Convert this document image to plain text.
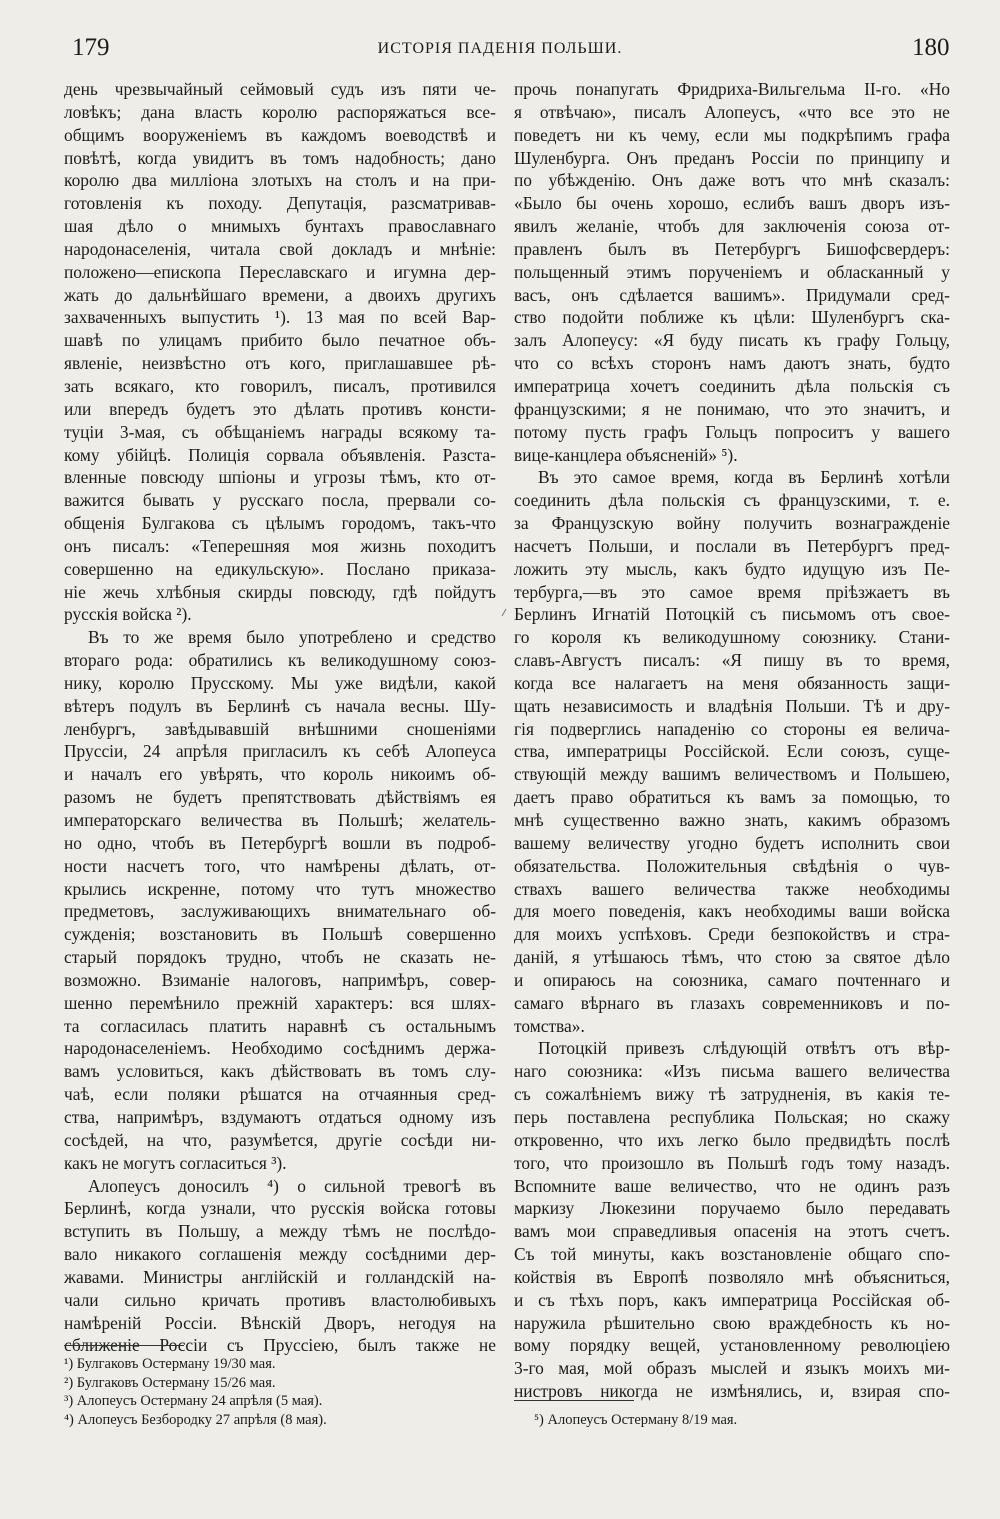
179	ИСТОРІЯ ПАДЕНІЯ ПОЛЬШИ.	180
день чрезвычайный сеймовый судъ изъ пяти че-
ловѣкъ; дана власть королю распоряжаться все-
общимъ вооруженіемъ въ каждомъ воеводствѣ и
повѣтѣ, когда увидитъ въ томъ надобность; дано
королю два милліона злотыхъ на столъ и на при-
готовленія къ походу. Депутація, разсматривав-
шая дѣло о мнимыхъ бунтахъ православнаго
народонаселенія, читала свой докладъ и мнѣніе:
положено—епископа Переславскаго и игумна дер-
жать до дальнѣйшаго времени, а двоихъ другихъ
захваченныхъ выпустить ¹). 13 мая по всей Вар-
шавѣ по улицамъ прибито было печатное объ-
явленіе, неизвѣстно отъ кого, приглашавшее рѣ-
зать всякаго, кто говорилъ, писалъ, противился
или впередъ будетъ это дѣлать противъ консти-
туціи 3-мая, съ обѣщаніемъ награды всякому та-
кому убійцѣ. Полиція сорвала объявленія. Разста-
вленные повсюду шпіоны и угрозы тѣмъ, кто от-
важится бывать у русскаго посла, прервали со-
общенія Булгакова съ цѣлымъ городомъ, такъ-что
онъ писалъ: «Теперешняя моя жизнь походитъ
совершенно на едикульскую». Послано приказа-
ніе жечь хлѣбныя скирды повсюду, гдѣ пойдутъ
русскія войска ²).
Въ то же время было употреблено и средство
втораго рода: обратились къ великодушному союз-
нику, королю Прусскому. Мы уже видѣли, какой
вѣтеръ подулъ въ Берлинѣ съ начала весны. Шу-
ленбургъ, завѣдывавшій внѣшними сношеніями
Пруссіи, 24 апрѣля пригласилъ къ себѣ Алопеуса
и началъ его увѣрять, что король никоимъ об-
разомъ не будетъ препятствовать дѣйствіямъ ея
императорскаго величества въ Польшѣ; желатель-
но одно, чтобъ въ Петербургѣ вошли въ подроб-
ности насчетъ того, что намѣрены дѣлать, от-
крылись искренне, потому что тутъ множество
предметовъ, заслуживающихъ внимательнаго об-
сужденія; возстановить въ Польшѣ совершенно
старый порядокъ трудно, чтобъ не сказать не-
возможно. Взиманіе налоговъ, напримѣръ, совер-
шенно перемѣнило прежній характеръ: вся шлях-
та согласилась платить наравнѣ съ остальнымъ
народонаселеніемъ. Необходимо сосѣднимъ держа-
вамъ условиться, какъ дѣйствовать въ томъ слу-
чаѣ, если поляки рѣшатся на отчаянныя сред-
ства, напримѣръ, вздумаютъ отдаться одному изъ
сосѣдей, на что, разумѣется, другіе сосѣди ни-
какъ не могутъ согласиться ³).
Алопеусъ доносилъ ⁴) о сильной тревогѣ въ
Берлинѣ, когда узнали, что русскія войска готовы
вступить въ Польшу, а между тѣмъ не послѣдо-
вало никакого соглашенія между сосѣдними дер-
жавами. Министры англійскій и голландскій на-
чали сильно кричать противъ властолюбивыхъ
намѣреній Россіи. Вѣнскій Дворъ, негодуя на
сближеніе Россіи съ Пруссіею, былъ также не
прочь понапугать Фридриха-Вильгельма II-го. «Но
я отвѣчаю», писалъ Алопеусъ, «что все это не
поведетъ ни къ чему, если мы подкрѣпимъ графа
Шуленбурга. Онъ преданъ Россіи по принципу и
по убѣжденію. Онъ даже вотъ что мнѣ сказалъ:
«Было бы очень хорошо, еслибъ вашъ дворъ изъ-
явилъ желаніе, чтобъ для заключенія союза от-
правленъ былъ въ Петербургъ Бишофсвердеръ:
польщенный этимъ порученіемъ и обласканный у
васъ, онъ сдѣлается вашимъ». Придумали сред-
ство подойти поближе къ цѣли: Шуленбургъ ска-
залъ Алопеусу: «Я буду писать къ графу Гольцу,
что со всѣхъ сторонъ намъ даютъ знать, будто
императрица хочетъ соединить дѣла польскія съ
французскими; я не понимаю, что это значитъ, и
потому пусть графъ Гольцъ попроситъ у вашего
вице-канцлера объясненій» ⁵).
Въ это самое время, когда въ Берлинѣ хотѣли
соединить дѣла польскія съ французскими, т. е.
за Французскую войну получить вознагражденіе
насчетъ Польши, и послали въ Петербургъ пред-
ложить эту мысль, какъ будто идущую изъ Пе-
тербурга,—въ это самое время пріѣзжаетъ въ
Берлинъ Игнатій Потоцкій съ письмомъ отъ свое-
го короля къ великодушному союзнику. Стани-
славъ-Августъ писалъ: «Я пишу въ то время,
когда все налагаетъ на меня обязанность защи-
щать независимость и владѣнія Польши. Тѣ и дру-
гія подверглись нападенію со стороны ея велича-
ства, императрицы Россійской. Если союзъ, суще-
ствующій между вашимъ величествомъ и Польшею,
даетъ право обратиться къ вамъ за помощью, то
мнѣ существенно важно знать, какимъ образомъ
вашему величеству угодно будетъ исполнить свои
обязательства. Положительныя свѣдѣнія о чув-
ствахъ вашего величества также необходимы
для моего поведенія, какъ необходимы ваши войска
для моихъ успѣховъ. Среди безпокойствъ и стра-
даній, я утѣшаюсь тѣмъ, что стою за святое дѣло
и опираюсь на союзника, самаго почтеннаго и
самаго вѣрнаго въ глазахъ современниковъ и по-
томства».
Потоцкій привезъ слѣдующій отвѣтъ отъ вѣр-
наго союзника: «Изъ письма вашего величества
съ сожалѣніемъ вижу тѣ затрудненія, въ какія те-
перь поставлена республика Польская; но скажу
откровенно, что ихъ легко было предвидѣть послѣ
того, что произошло въ Польшѣ годъ тому назадъ.
Вспомните ваше величество, что не одинъ разъ
маркизу Люкезини поручаемо было передавать
вамъ мои справедливыя опасенія на этотъ счетъ.
Съ той минуты, какъ возстановленіе общаго спо-
койствія въ Европѣ позволяло мнѣ объясниться,
и съ тѣхъ поръ, какъ императрица Россійская об-
наружила рѣшительно свою враждебность къ но-
вому порядку вещей, установленному революціею
3-го мая, мой образъ мыслей и языкъ моихъ ми-
нистровъ никогда не измѣнялись, и, взирая спо-
¹) Булгаковъ Остерману 19/30 мая.
²) Булгаковъ Остерману 15/26 мая.
³) Алопеусъ Остерману 24 апрѣля (5 мая).
⁴) Алопеусъ Безбородку 27 апрѣля (8 мая).	⁵) Алопеусъ Остерману 8/19 мая.
